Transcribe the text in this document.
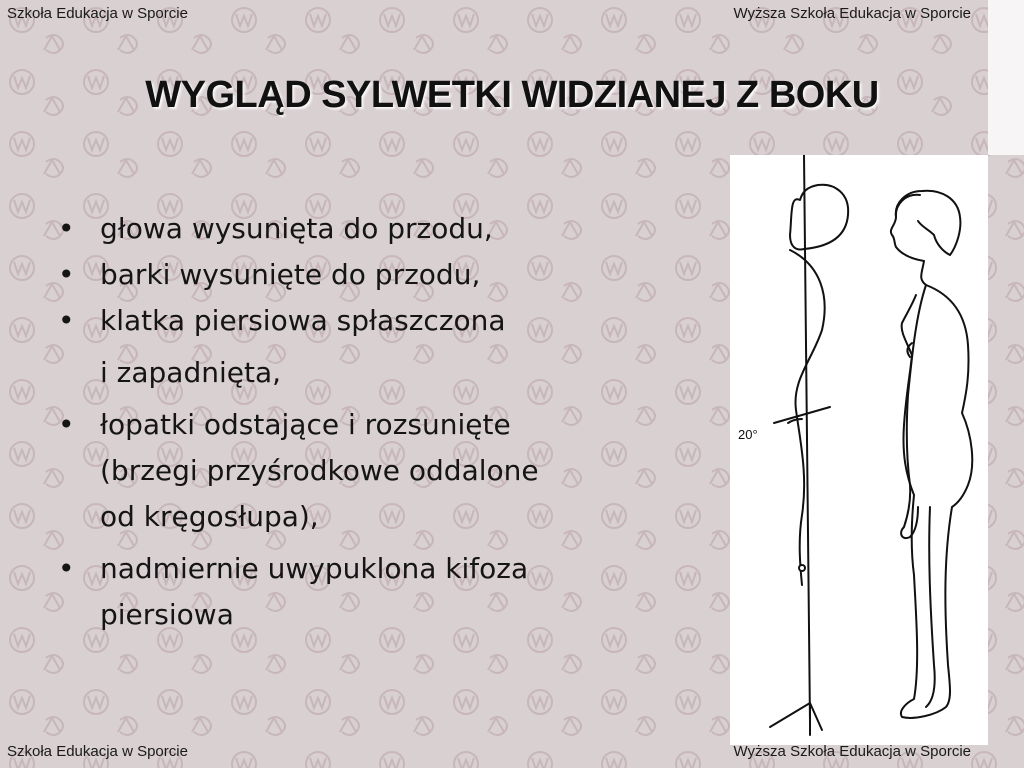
Szkoła Edukacja w Sporcie	Wyższa Szkoła Edukacja w Sporcie
WYGLĄD SYLWETKI WIDZIANEJ Z BOKU
• głowa wysunięta do przodu,
• barki wysunięte do przodu,
• klatka piersiowa spłaszczona
i zapadnięta,
• łopatki odstające i rozsunięte
(brzegi przyśrodkowe oddalone
od kręgosłupa),
• nadmiernie uwypuklona kifoza
piersiowa
20°
Szkoła Edukacja w Sporcie	Wyższa Szkoła Edukacja w Sporcie
